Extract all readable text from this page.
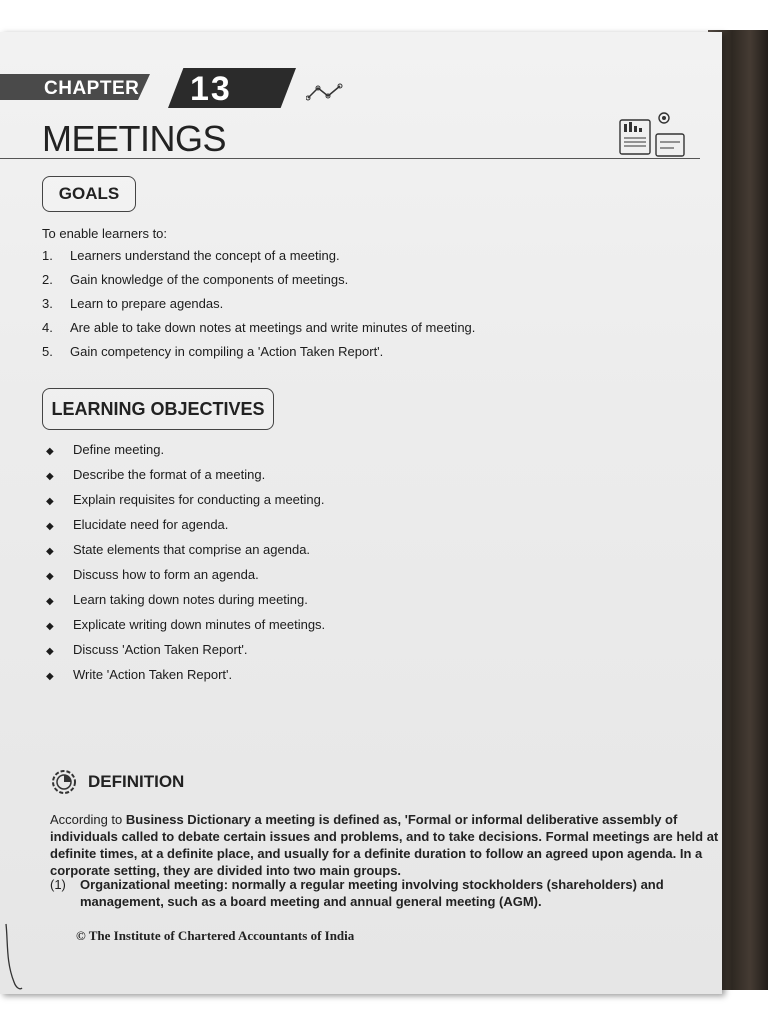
CHAPTER 13
MEETINGS
GOALS
To enable learners to:
1.	Learners understand the concept of a meeting.
2.	Gain knowledge of the components of meetings.
3.	Learn to prepare agendas.
4.	Are able to take down notes at meetings and write minutes of meeting.
5.	Gain competency in compiling a 'Action Taken Report'.
LEARNING OBJECTIVES
◆	Define meeting.
◆	Describe the format of a meeting.
◆	Explain requisites for conducting a meeting.
◆	Elucidate need for agenda.
◆	State elements that comprise an agenda.
◆	Discuss how to form an agenda.
◆	Learn taking down notes during meeting.
◆	Explicate writing down minutes of meetings.
◆	Discuss 'Action Taken Report'.
◆	Write 'Action Taken Report'.
DEFINITION

According to Business Dictionary a meeting is defined as, 'Formal or informal deliberative assembly of individuals called to debate certain issues and problems, and to take decisions. Formal meetings are held at definite times, at a definite place, and usually for a definite duration to follow an agreed upon agenda. In a corporate setting, they are divided into two main groups.

(1)	Organizational meeting: normally a regular meeting involving stockholders (shareholders) and management, such as a board meeting and annual general meeting (AGM).
© The Institute of Chartered Accountants of India
